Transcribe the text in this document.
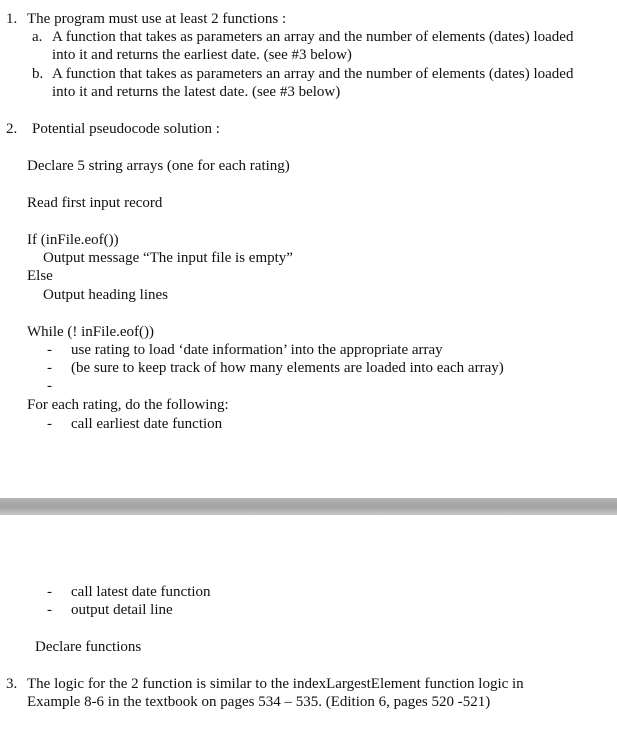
1. The program must use at least 2 functions :
a. A function that takes as parameters an array and the number of elements (dates) loaded
into it and returns the earliest date. (see #3 below)
b. A function that takes as parameters an array and the number of elements (dates) loaded
into it and returns the latest date. (see #3 below)
2. Potential pseudocode solution :
Declare 5 string arrays (one for each rating)
Read first input record
If (inFile.eof())
Output message “The input file is empty”
Else
Output heading lines
While (! inFile.eof())
- use rating to load ‘date information’ into the appropriate array
- (be sure to keep track of how many elements are loaded into each array)
-
For each rating, do the following:
- call earliest date function
- call latest date function
- output detail line
Declare functions
3. The logic for the 2 function is similar to the indexLargestElement function logic in
Example 8-6 in the textbook on pages 534 – 535. (Edition 6, pages 520 -521)
